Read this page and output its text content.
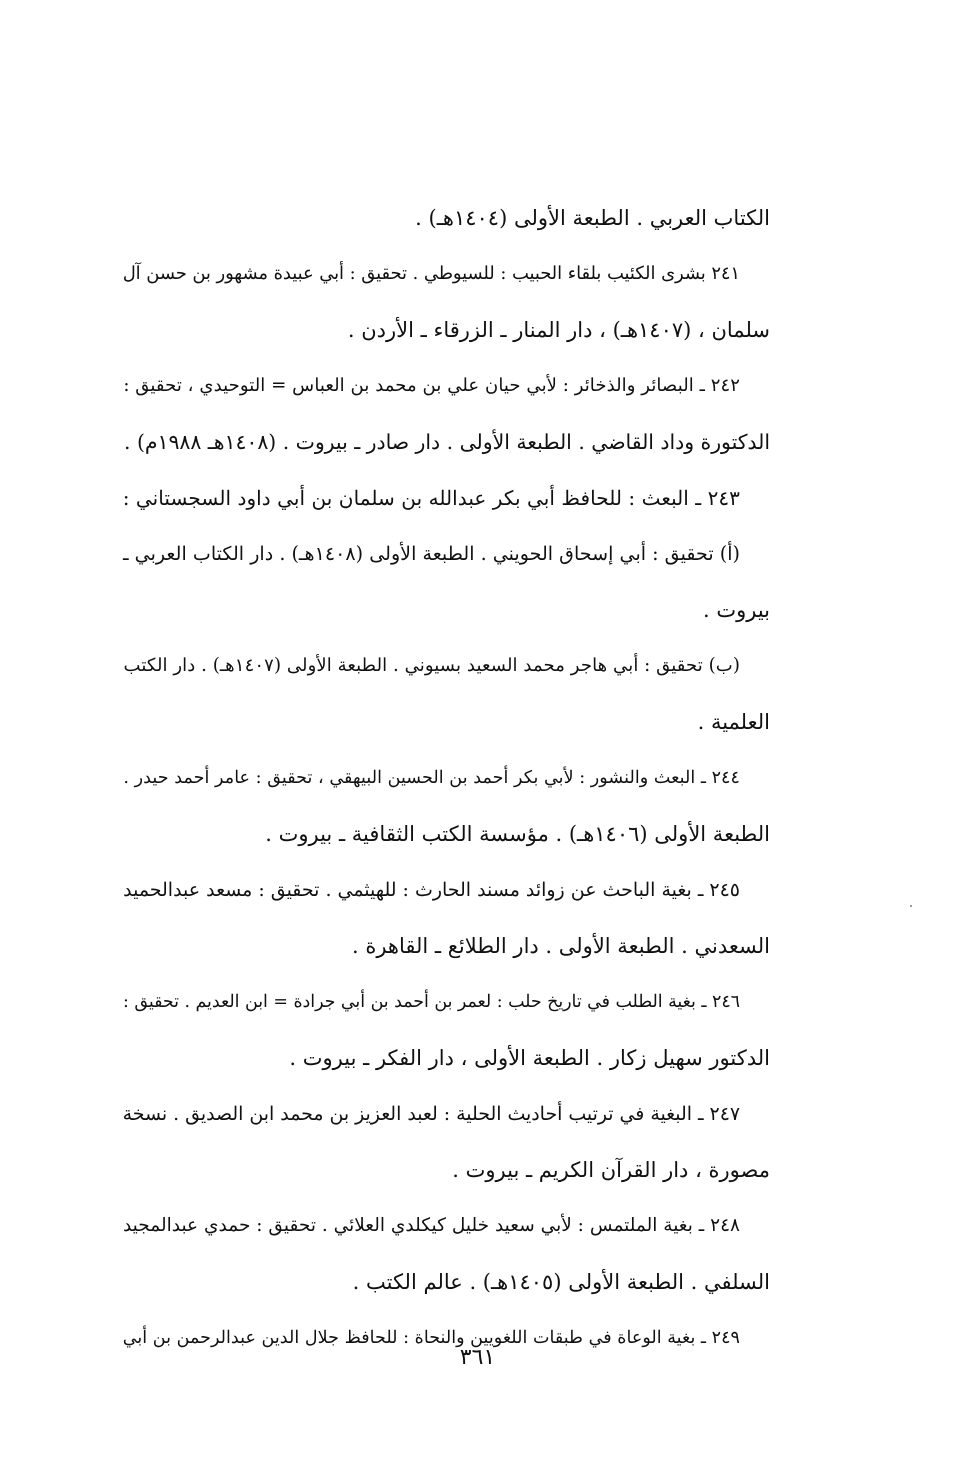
الكتاب العربي . الطبعة الأولى (١٤٠٤هـ) .
٢٤١ بشرى الكئيب بلقاء الحبيب : للسيوطي . تحقيق : أبي عبيدة مشهور بن حسن آل
سلمان ، (١٤٠٧هـ) ، دار المنار ـ الزرقاء ـ الأردن .
٢٤٢ ـ البصائر والذخائر : لأبي حيان علي بن محمد بن العباس = التوحيدي ، تحقيق :
الدكتورة وداد القاضي . الطبعة الأولى . دار صادر ـ بيروت . (١٤٠٨هـ ١٩٨٨م) .
٢٤٣ ـ البعث : للحافظ أبي بكر عبدالله بن سلمان بن أبي داود السجستاني :
(أ) تحقيق : أبي إسحاق الحويني . الطبعة الأولى (١٤٠٨هـ) . دار الكتاب العربي ـ
بيروت .
(ب) تحقيق : أبي هاجر محمد السعيد بسيوني . الطبعة الأولى (١٤٠٧هـ) . دار الكتب
العلمية .
٢٤٤ ـ البعث والنشور : لأبي بكر أحمد بن الحسين البيهقي ، تحقيق : عامر أحمد حيدر .
الطبعة الأولى (١٤٠٦هـ) . مؤسسة الكتب الثقافية ـ بيروت .
٢٤٥ ـ بغية الباحث عن زوائد مسند الحارث : للهيثمي . تحقيق : مسعد عبدالحميد
السعدني . الطبعة الأولى . دار الطلائع ـ القاهرة .
٢٤٦ ـ بغية الطلب في تاريخ حلب : لعمر بن أحمد بن أبي جرادة = ابن العديم . تحقيق :
الدكتور سهيل زكار . الطبعة الأولى ، دار الفكر ـ بيروت .
٢٤٧ ـ البغية في ترتيب أحاديث الحلية : لعبد العزيز بن محمد ابن الصديق . نسخة
مصورة ، دار القرآن الكريم ـ بيروت .
٢٤٨ ـ بغية الملتمس : لأبي سعيد خليل كيكلدي العلائي . تحقيق : حمدي عبدالمجيد
السلفي . الطبعة الأولى (١٤٠٥هـ) . عالم الكتب .
٢٤٩ ـ بغية الوعاة في طبقات اللغويين والنحاة : للحافظ جلال الدين عبدالرحمن بن أبي
٣٦١
